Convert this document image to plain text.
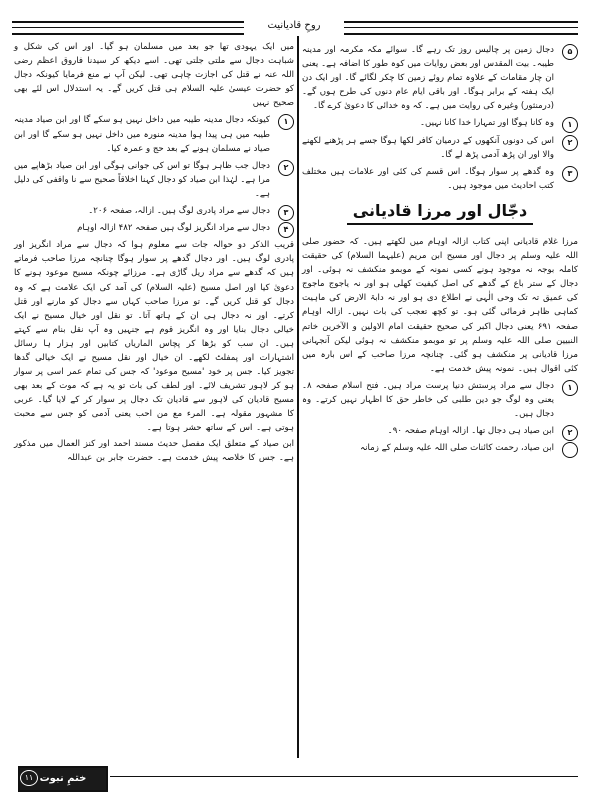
روحِ قادیانیت
۵
دجال زمین پر چالیس روز تک رہے گا۔ سوائے مکہ مکرمہ اور مدینہ طیبہ۔ بیت المقدس اور بعض روایات میں کوہ طور کا اضافہ ہے۔ یعنی ان چار مقامات کے علاوہ تمام روئے زمین کا چکر لگائے گا۔ اور ایک دن ایک ہفتہ کے برابر ہوگا۔ اور باقی ایام عام دنوں کی طرح ہوں گے۔ (درمنثور) وغیرہ کی روایت میں ہے۔ کہ وہ خدائی کا دعویٰ کرے گا۔
۱
وہ کانا ہوگا اور تمہارا خدا کانا نہیں۔
۲
اس کی دونوں آنکھوں کے درمیان کافر لکھا ہوگا جسے ہر پڑھنے لکھنے والا اور ان پڑھ آدمی پڑھ لے گا۔
۳
وہ گدھے پر سوار ہوگا۔ اس قسم کی کئی اور علامات ہیں مختلف کتب احادیث میں موجود ہیں۔
دجّال اور مرزا قادیانی

مرزا غلام قادیانی اپنی کتاب ازالہ اوہام میں لکھتے ہیں۔ کہ حضور صلی اللہ علیہ وسلم پر دجال اور مسیح ابن مریم (علیہما السلام) کی حقیقت کاملہ بوجہ نہ موجود ہونے کسی نمونہ کے موبمو منکشف نہ ہوئی۔ اور دجال کے ستر باع کے گدھے کی اصل کیفیت کھلی ہو اور نہ یاجوج ماجوج کی عمیق تہ تک وحی الٰہی نے اطلاع دی ہو اور نہ دابۃ الارض کی ماہیت کماہی ظاہر فرمائی گئی ہو۔ تو کچھ تعجب کی بات نہیں۔ ازالہ اوہام صفحہ ۶۹۱ یعنی دجال اکبر کی صحیح حقیقت امام الاولین و الآخرین خاتم النبیین صلی اللہ علیہ وسلم پر تو موبمو منکشف نہ ہوئی لیکن آنجہانی مرزا قادیانی پر منکشف ہو گئی۔ چنانچہ مرزا صاحب کے اس بارہ میں کئی اقوال ہیں۔ نمونہ پیش خدمت ہے۔

۱
دجال سے مراد پرستش دنیا پرست مراد ہیں۔ فتح اسلام صفحہ ۸۔ یعنی وہ لوگ جو دین طلبی کی خاطر حق کا اظہار نہیں کرتے۔ وہ دجال ہیں۔
۲
ابن صیاد ہی دجال تھا۔ ازالہ اوہام صفحہ ۹۰۔
ابن صیاد، رحمت کائنات صلی اللہ علیہ وسلم کے زمانہ

میں ایک یہودی تھا جو بعد میں مسلمان ہو گیا۔ اور اس کی شکل و شباہت دجال سے ملتی جلتی تھی۔ اسے دیکھ کر سیدنا فاروق اعظم رضی اللہ عنہ نے قتل کی اجازت چاہی تھی۔ لیکن آپ نے منع فرمایا کیونکہ دجال کو حضرت عیسیٰ علیہ السلام ہی قتل کریں گے۔ یہ استدلال اس لئے بھی صحیح نہیں

۱
کیونکہ دجال مدینہ طیبہ میں داخل نہیں ہو سکے گا اور ابن صیاد مدینہ طیبہ میں ہی پیدا ہوا مدینہ منورہ میں داخل نہیں ہو سکے گا اور ابن صیاد نے مسلمان ہونے کے بعد حج و عمرہ کیا۔
۲
دجال جب ظاہر ہوگا تو اس کی جوانی ہوگی اور ابن صیاد بڑھاپے میں مرا ہے۔ لہٰذا ابن صیاد کو دجال کہنا اخلاقاً صحیح سے نا واقفی کی دلیل ہے۔
۳
دجال سے مراد پادری لوگ ہیں۔ ازالہ، صفحہ ۲۰۶۔
۴
دجال سے مراد انگریز لوگ ہیں صفحہ ۴۸۲ ازالہ اوہام

قریب الذکر دو حوالہ جات سے معلوم ہوا کہ دجال سے مراد انگریز اور پادری لوگ ہیں۔ اور دجال گدھے پر سوار ہوگا چنانچہ مرزا صاحب فرماتے ہیں کہ گدھے سے مراد ریل گاڑی ہے۔ مرزائے چونکہ مسیح موعود ہونے کا دعویٰ کیا اور اصل مسیح (علیہ السلام) کی آمد کی ایک علامت ہے کہ وہ دجال کو قتل کریں گے۔ تو مرزا صاحب کہاں سے دجال کو مارنے اور قتل کرتے۔ اور نہ دجال ہی ان کے ہاتھ آتا۔ تو نقل اور خیال مسیح نے ایک خیالی دجال بنایا اور وہ انگریز قوم ہے جنہیں وہ آپ نقل بنام سے کہتے ہیں۔ ان سب کو بڑھا کر پچاس الماریاں کتابیں اور ہزار ہا رسائل اشتہارات اور پمفلٹ لکھے۔ ان خیال اور نقل مسیح نے ایک خیالی گدھا تجویز کیا۔ جس پر خود 'مسیح موعود' کہ جس کی تمام عمر اسی پر سوار ہو کر لاہور تشریف لائے۔ اور لطف کی بات تو یہ ہے کہ موت کے بعد بھی مسیح قادیان کی لاہور سے قادیان تک دجال پر سوار کر کے لایا گیا۔ عربی کا مشہور مقولہ ہے۔ المرء مع من احب یعنی آدمی کو جس سے محبت ہوتی ہے۔ اس کے ساتھ حشر ہوتا ہے۔

ابن صیاد کے متعلق ایک مفصل حدیث مسند احمد اور کنز العمال میں مذکور ہے۔ جس کا خلاصہ پیش خدمت ہے۔ حضرت جابر بن عبداللہ

ختمِ نبوت
۱۱
